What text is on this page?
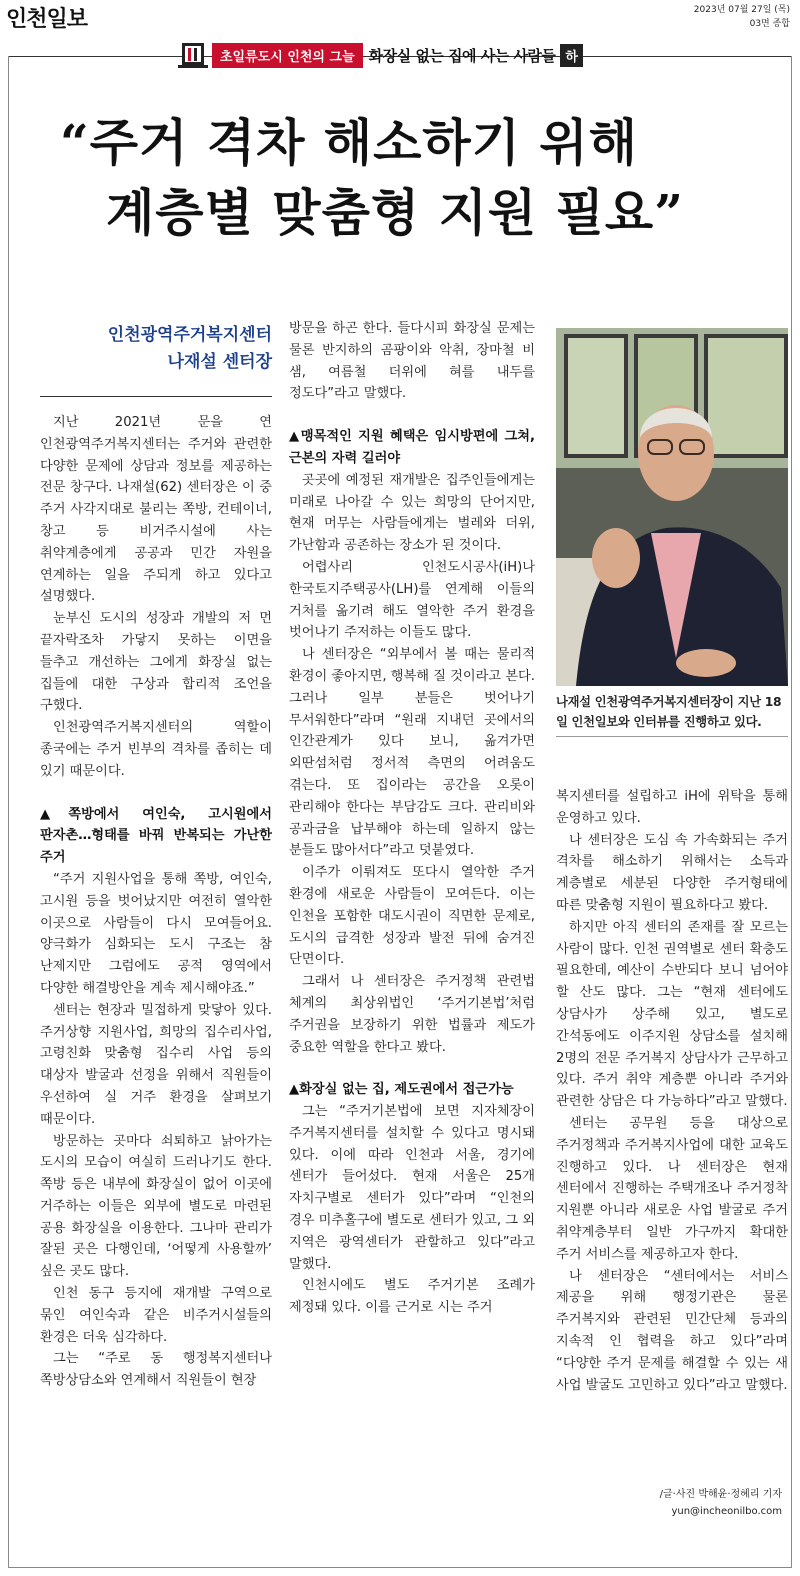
인천일보	2023년 07월 27일 (목)
03면 종합
초일류도시 인천의 그늘 화장실 없는 집에 사는 사람들 하
“주거 격차 해소하기 위해
계층별 맞춤형 지원 필요”
인천광역주거복지센터
나재설 센터장

지난 2021년 문을 연 인천광역주거복지센터는 주거와 관련한 다양한 문제에 상담과 정보를 제공하는 전문 창구다. 나재설(62) 센터장은 이 중 주거 사각지대로 불리는 쪽방, 컨테이너, 창고 등 비거주시설에 사는 취약계층에게 공공과 민간 자원을 연계하는 일을 주되게 하고 있다고 설명했다.

눈부신 도시의 성장과 개발의 저 먼 끝자락조차 가닿지 못하는 이면을 들추고 개선하는 그에게 화장실 없는 집들에 대한 구상과 합리적 조언을 구했다.

인천광역주거복지센터의 역할이 종국에는 주거 빈부의 격차를 좁히는 데 있기 때문이다.

▲쪽방에서 여인숙, 고시원에서 판자촌…형태를 바꿔 반복되는 가난한 주거

“주거 지원사업을 통해 쪽방, 여인숙, 고시원 등을 벗어났지만 여전히 열악한 이곳으로 사람들이 다시 모여들어요. 양극화가 심화되는 도시 구조는 참 난제지만 그럼에도 공적 영역에서 다양한 해결방안을 계속 제시해야죠.”

센터는 현장과 밀접하게 맞닿아 있다. 주거상향 지원사업, 희망의 집수리사업, 고령친화 맞춤형 집수리 사업 등의 대상자 발굴과 선정을 위해서 직원들이 우선하여 실 거주 환경을 살펴보기 때문이다.

방문하는 곳마다 쇠퇴하고 낡아가는 도시의 모습이 여실히 드러나기도 한다. 쪽방 등은 내부에 화장실이 없어 이곳에 거주하는 이들은 외부에 별도로 마련된 공용 화장실을 이용한다. 그나마 관리가 잘된 곳은 다행인데, ‘어떻게 사용할까’ 싶은 곳도 많다.

인천 동구 등지에 재개발 구역으로 묶인 여인숙과 같은 비주거시설들의 환경은 더욱 심각하다.

그는 “주로 동 행정복지센터나 쪽방상담소와 연계해서 직원들이 현장

방문을 하곤 한다. 들다시피 화장실 문제는 물론 반지하의 곰팡이와 악취, 장마철 비 샘, 여름철 더위에 혀를 내두를 정도다”라고 말했다.

▲맹목적인 지원 혜택은 임시방편에 그쳐, 근본의 자력 길러야

곳곳에 예정된 재개발은 집주인들에게는 미래로 나아갈 수 있는 희망의 단어지만, 현재 머무는 사람들에게는 벌레와 더위, 가난함과 공존하는 장소가 된 것이다.

어렵사리 인천도시공사(iH)나 한국토지주택공사(LH)를 연계해 이들의 거처를 옮기려 해도 열악한 주거 환경을 벗어나기 주저하는 이들도 많다.

나 센터장은 “외부에서 볼 때는 물리적 환경이 좋아지면, 행복해 질 것이라고 본다. 그러나 일부 분들은 벗어나기 무서워한다”라며 “원래 지내던 곳에서의 인간관계가 있다 보니, 옮겨가면 외딴섬처럼 정서적 측면의 어려움도 겪는다. 또 집이라는 공간을 오롯이 관리해야 한다는 부담감도 크다. 관리비와 공과금을 납부해야 하는데 일하지 않는 분들도 많아서다”라고 덧붙였다.

이주가 이뤄져도 또다시 열악한 주거 환경에 새로운 사람들이 모여든다. 이는 인천을 포함한 대도시권이 직면한 문제로, 도시의 급격한 성장과 발전 뒤에 숨겨진 단면이다.

그래서 나 센터장은 주거정책 관련법 체계의 최상위법인 ‘주거기본법’처럼 주거권을 보장하기 위한 법률과 제도가 중요한 역할을 한다고 봤다.

▲화장실 없는 집, 제도권에서 접근가능

그는 “주거기본법에 보면 지자체장이 주거복지센터를 설치할 수 있다고 명시돼 있다. 이에 따라 인천과 서울, 경기에 센터가 들어섰다. 현재 서울은 25개 자치구별로 센터가 있다”라며 “인천의 경우 미추홀구에 별도로 센터가 있고, 그 외 지역은 광역센터가 관할하고 있다”라고 말했다.

인천시에도 별도 주거기본 조례가 제정돼 있다. 이를 근거로 시는 주거

나재설 인천광역주거복지센터장이 지난 18일 인천일보와 인터뷰를 진행하고 있다.

복지센터를 설립하고 iH에 위탁을 통해 운영하고 있다.

나 센터장은 도심 속 가속화되는 주거 격차를 해소하기 위해서는 소득과 계층별로 세분된 다양한 주거형태에 따른 맞춤형 지원이 필요하다고 봤다.

하지만 아직 센터의 존재를 잘 모르는 사람이 많다. 인천 권역별로 센터 확충도 필요한데, 예산이 수반되다 보니 넘어야 할 산도 많다. 그는 “현재 센터에도 상담사가 상주해 있고, 별도로 간석동에도 이주지원 상담소를 설치해 2명의 전문 주거복지 상담사가 근무하고 있다. 주거 취약 계층뿐 아니라 주거와 관련한 상담은 다 가능하다”라고 말했다.

센터는 공무원 등을 대상으로 주거정책과 주거복지사업에 대한 교육도 진행하고 있다. 나 센터장은 현재 센터에서 진행하는 주택개조나 주거정착 지원뿐 아니라 새로운 사업 발굴로 주거 취약계층부터 일반 가구까지 확대한 주거 서비스를 제공하고자 한다.

나 센터장은 “센터에서는 서비스 제공을 위해 행정기관은 물론 주거복지와 관련된 민간단체 등과의 지속적 인 협력을 하고 있다”라며 “다양한 주거 문제를 해결할 수 있는 새 사업 발굴도 고민하고 있다”라고 말했다.

/글·사진 박해윤·정혜리 기자
yun@incheonilbo.com
